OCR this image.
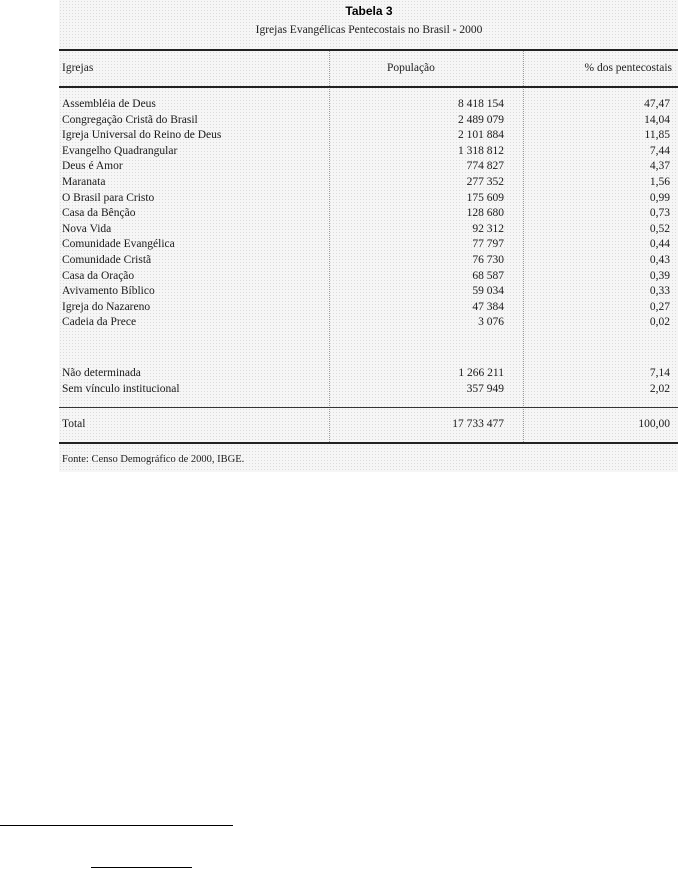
Tabela 3
Igrejas Evangélicas Pentecostais no Brasil - 2000
Igrejas	População	% dos pentecostais
Assembléia de Deus	8 418 154	47,47
Congregação Cristã do Brasil	2 489 079	14,04
Igreja Universal do Reino de Deus	2 101 884	11,85
Evangelho Quadrangular	1 318 812	7,44
Deus é Amor	774 827	4,37
Maranata	277 352	1,56
O Brasil para Cristo	175 609	0,99
Casa da Bênção	128 680	0,73
Nova Vida	92 312	0,52
Comunidade Evangélica	77 797	0,44
Comunidade Cristã	76 730	0,43
Casa da Oração	68 587	0,39
Avivamento Bíblico	59 034	0,33
Igreja do Nazareno	47 384	0,27
Cadeia da Prece	3 076	0,02
Não determinada	1 266 211	7,14
Sem vínculo institucional	357 949	2,02
Total	17 733 477	100,00
Fonte: Censo Demográfico de 2000, IBGE.
